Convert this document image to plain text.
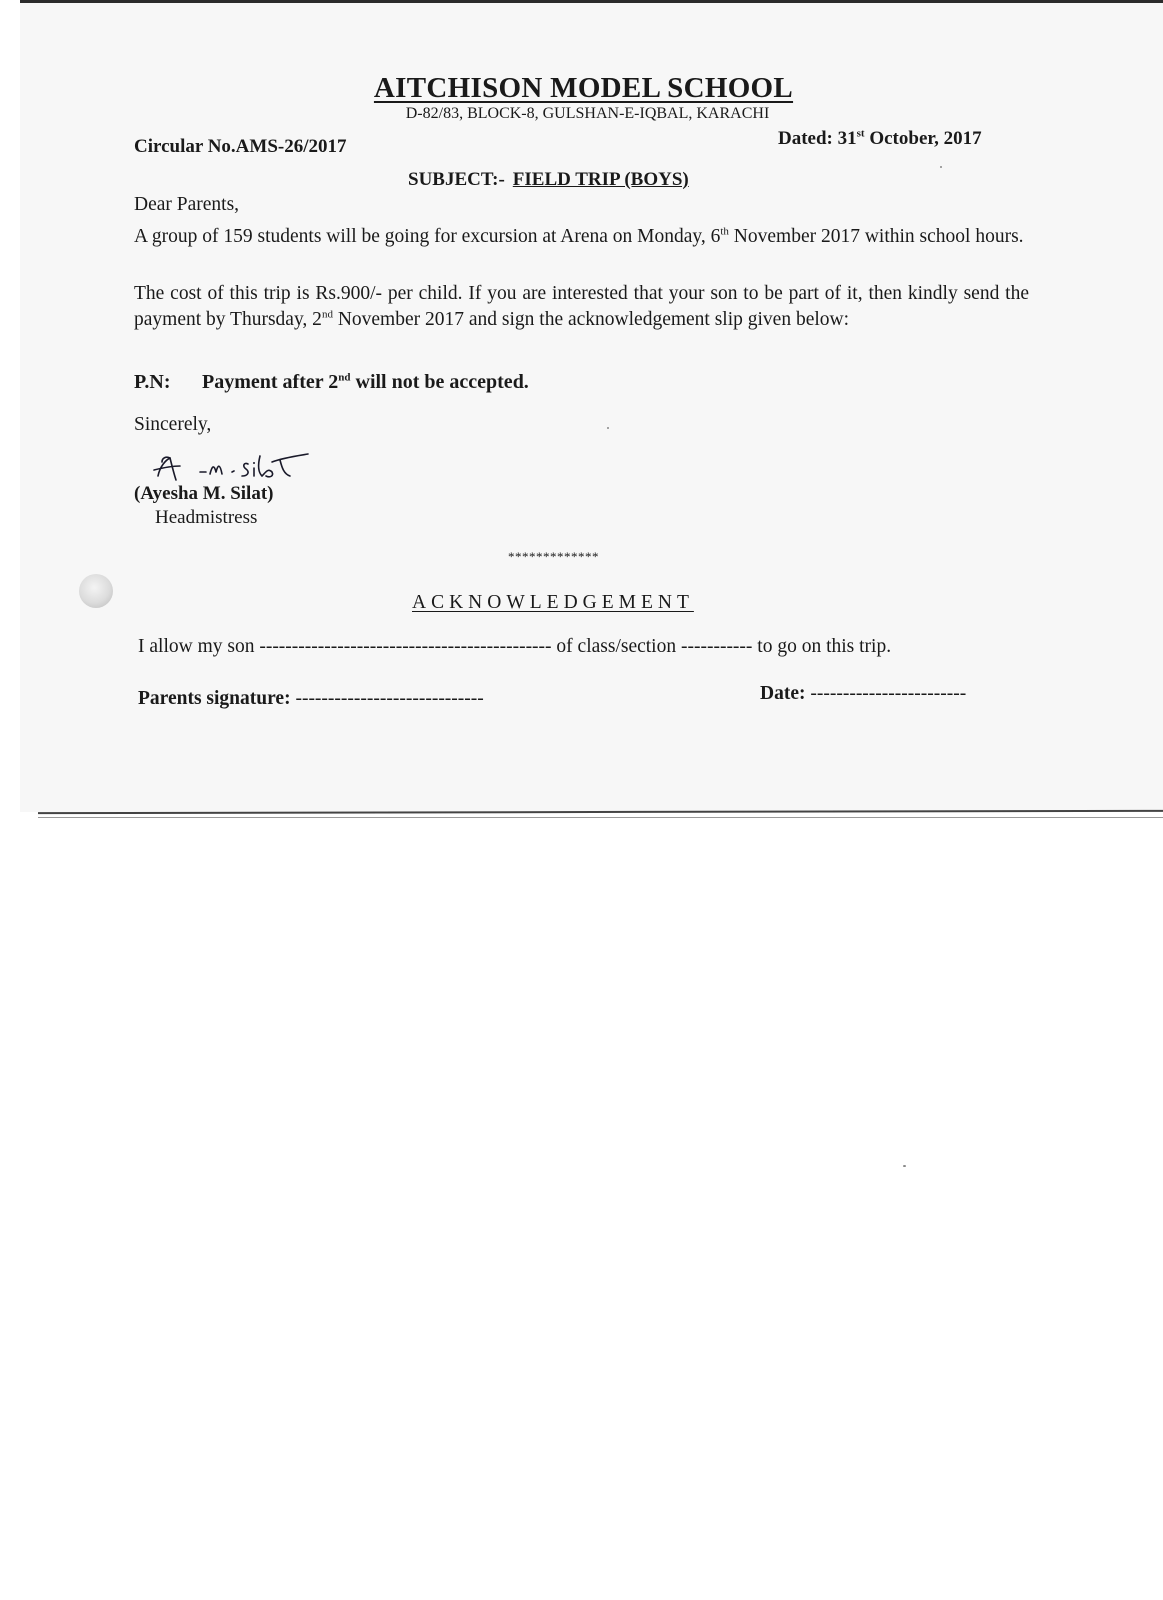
AITCHISON MODEL SCHOOL
D-82/83, BLOCK-8, GULSHAN-E-IQBAL, KARACHI
Circular No.AMS-26/2017	Dated: 31st October, 2017
SUBJECT:- FIELD TRIP (BOYS)
Dear Parents,
A group of 159 students will be going for excursion at Arena on Monday, 6th November 2017 within school hours.
The cost of this trip is Rs.900/- per child. If you are interested that your son to be part of it, then kindly send the payment by Thursday, 2nd November 2017 and sign the acknowledgement slip given below:
P.N: Payment after 2nd will not be accepted.
Sincerely,
(Ayesha M. Silat)
Headmistress
*************
ACKNOWLEDGEMENT
I allow my son --------------------------------------------- of class/section ----------- to go on this trip.
Parents signature: -----------------------------	Date: ------------------------
